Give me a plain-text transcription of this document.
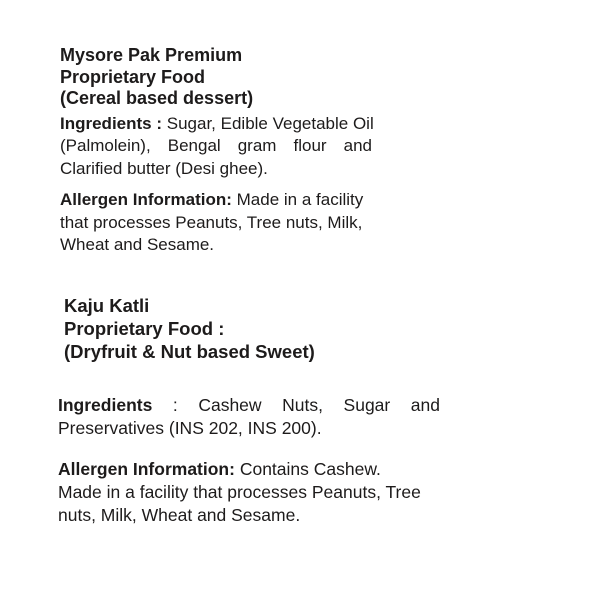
Mysore Pak Premium
Proprietary Food
(Cereal based dessert)
Ingredients : Sugar, Edible Vegetable Oil
(Palmolein), Bengal gram flour and
Clarified butter (Desi ghee).
Allergen Information: Made in a facility
that processes Peanuts, Tree nuts, Milk,
Wheat and Sesame.
Kaju Katli
Proprietary Food :
(Dryfruit & Nut based Sweet)
Ingredients : Cashew Nuts, Sugar and
Preservatives (INS 202, INS 200).
Allergen Information: Contains Cashew.
Made in a facility that processes Peanuts, Tree
nuts, Milk, Wheat and Sesame.
